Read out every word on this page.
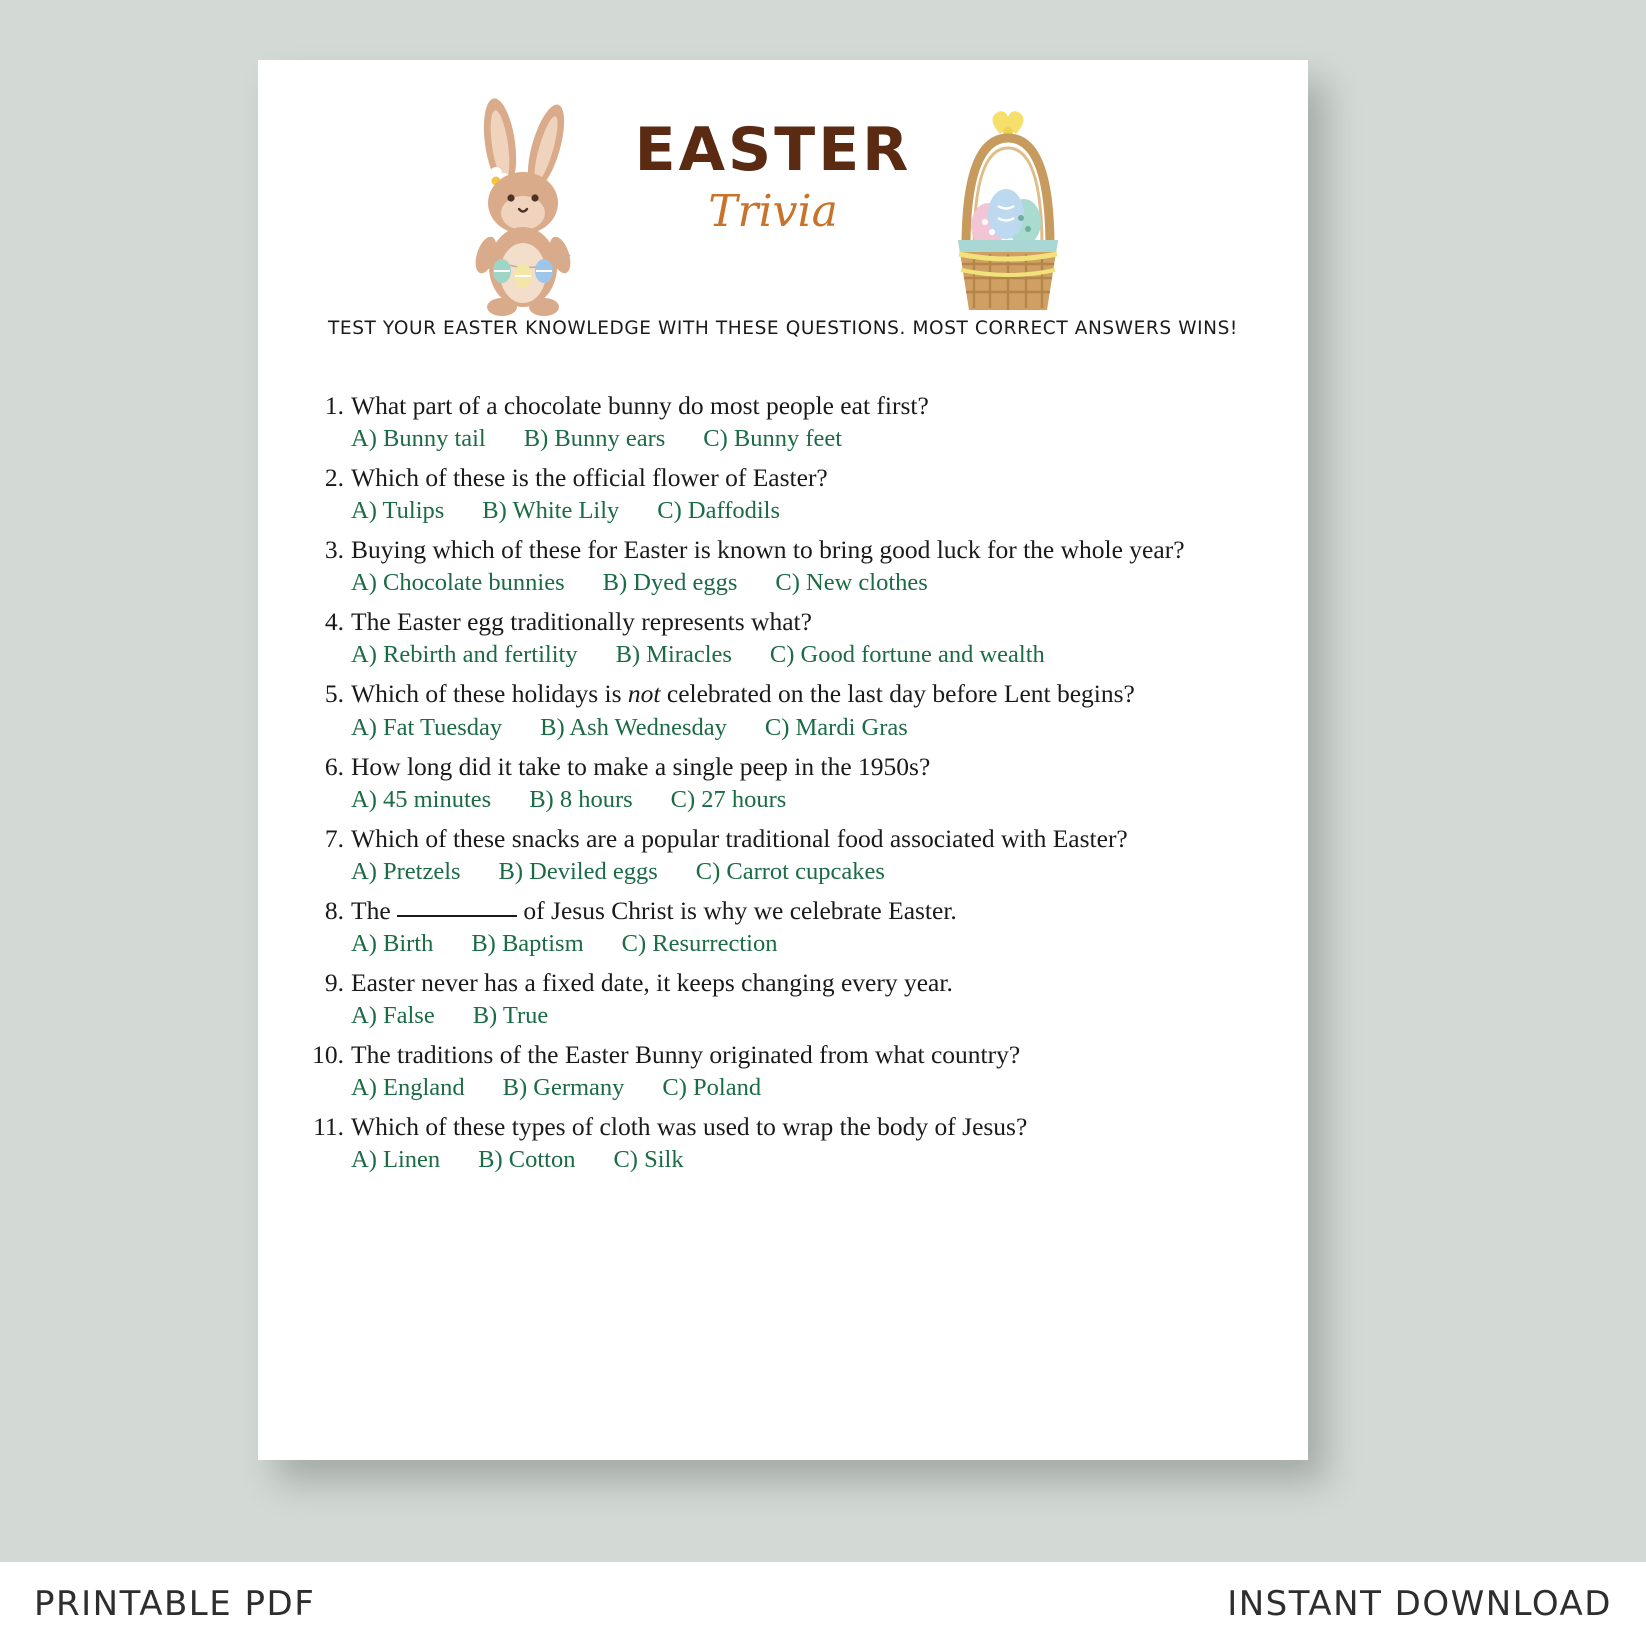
EASTER
Trivia
TEST YOUR EASTER KNOWLEDGE WITH THESE QUESTIONS. MOST CORRECT ANSWERS WINS!
1. What part of a chocolate bunny do most people eat first?
A) Bunny tail B) Bunny ears C) Bunny feet
2. Which of these is the official flower of Easter?
A) Tulips B) White Lily C) Daffodils
3. Buying which of these for Easter is known to bring good luck for the whole year?
A) Chocolate bunnies B) Dyed eggs C) New clothes
4. The Easter egg traditionally represents what?
A) Rebirth and fertility B) Miracles C) Good fortune and wealth
5. Which of these holidays is not celebrated on the last day before Lent begins?
A) Fat Tuesday B) Ash Wednesday C) Mardi Gras
6. How long did it take to make a single peep in the 1950s?
A) 45 minutes B) 8 hours C) 27 hours
7. Which of these snacks are a popular traditional food associated with Easter?
A) Pretzels B) Deviled eggs C) Carrot cupcakes
8. The	of Jesus Christ is why we celebrate Easter.
A) Birth B) Baptism C) Resurrection
9. Easter never has a fixed date, it keeps changing every year.
A) False B) True
10. The traditions of the Easter Bunny originated from what country?
A) England B) Germany C) Poland
11. Which of these types of cloth was used to wrap the body of Jesus?
A) Linen B) Cotton C) Silk
PRINTABLE PDF	INSTANT DOWNLOAD
